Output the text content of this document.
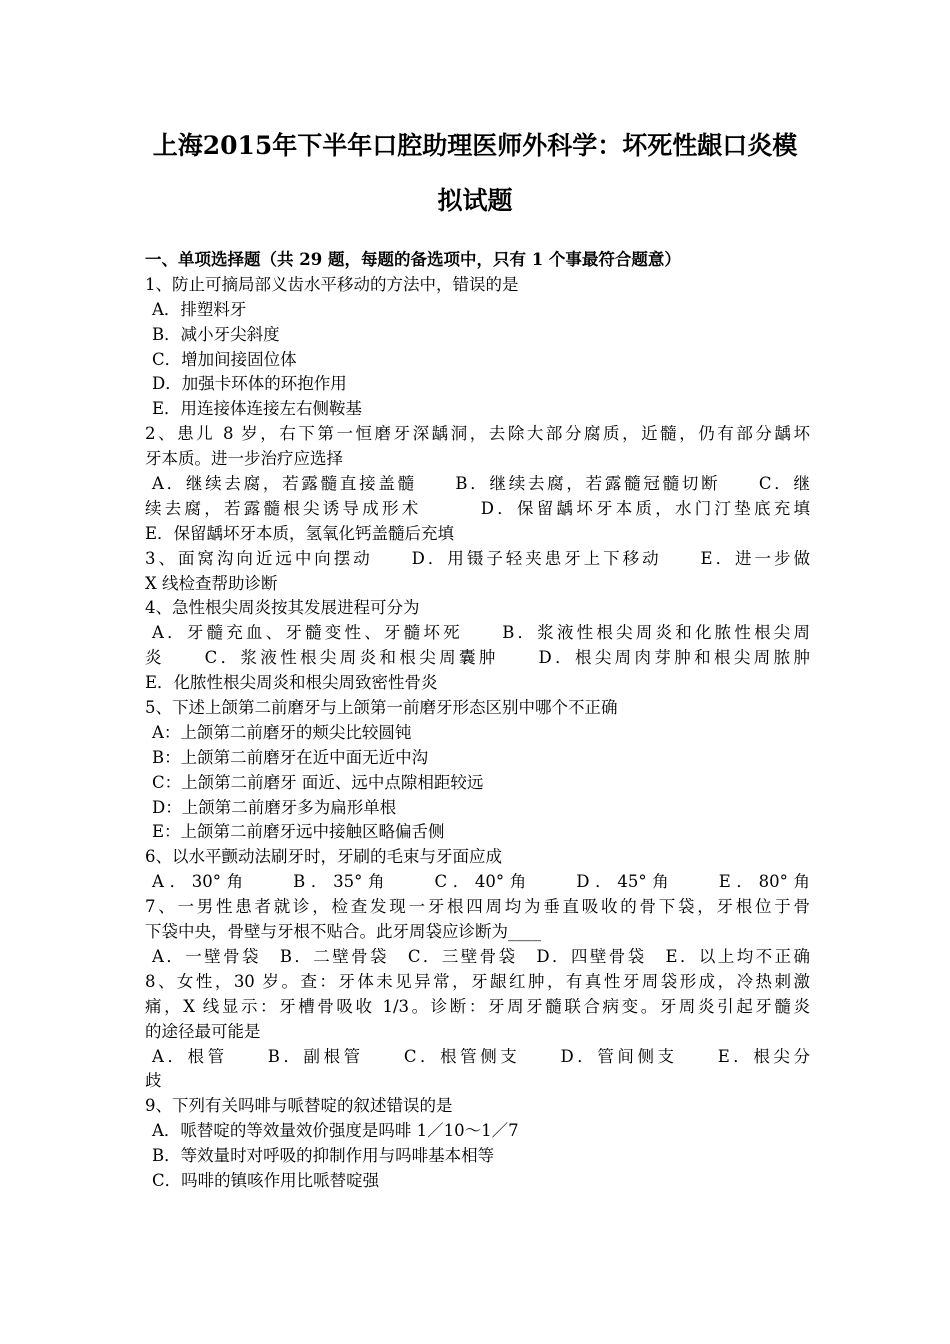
上海2015年下半年口腔助理医师外科学：坏死性龈口炎模
拟试题
一、单项选择题（共 29 题，每题的备选项中，只有 1 个事最符合题意）
1、防止可摘局部义齿水平移动的方法中，错误的是
A．排塑料牙
B．减小牙尖斜度
C．增加间接固位体
D．加强卡环体的环抱作用
E．用连接体连接左右侧鞍基
2、患儿 8 岁，右下第一恒磨牙深龋洞，去除大部分腐质，近髓，仍有部分龋坏
牙本质。进一步治疗应选择
A．继续去腐，若露髓直接盖髓　　B．继续去腐，若露髓冠髓切断　　C．继
续去腐，若露髓根尖诱导成形术　　　D．保留龋坏牙本质，水门汀垫底充填
E．保留龋坏牙本质，氢氧化钙盖髓后充填
3、面窝沟向近远中向摆动　　D．用镊子轻夹患牙上下移动　　E．进一步做
X 线检查帮助诊断
4、急性根尖周炎按其发展进程可分为
A．牙髓充血、牙髓变性、牙髓坏死　　B．浆液性根尖周炎和化脓性根尖周
炎　　C．浆液性根尖周炎和根尖周囊肿　　D．根尖周肉芽肿和根尖周脓肿
E．化脓性根尖周炎和根尖周致密性骨炎
5、下述上颌第二前磨牙与上颌第一前磨牙形态区别中哪个不正确
A：上颌第二前磨牙的颊尖比较圆钝
B：上颌第二前磨牙在近中面无近中沟
C：上颌第二前磨牙 面近、远中点隙相距较远
D：上颌第二前磨牙多为扁形单根
E：上颌第二前磨牙远中接触区略偏舌侧
6、以水平颤动法刷牙时，牙刷的毛束与牙面应成
A．30°角　　B．35°角　　C．40°角　　D．45°角　　E．80°角
7、一男性患者就诊，检查发现一牙根四周均为垂直吸收的骨下袋，牙根位于骨
下袋中央，骨壁与牙根不贴合。此牙周袋应诊断为____
A．一壁骨袋　B．二壁骨袋　C．三壁骨袋　D．四壁骨袋　E．以上均不正确
8、女性，30 岁。查：牙体未见异常，牙龈红肿，有真性牙周袋形成，冷热刺激
痛，X 线显示：牙槽骨吸收 1/3。诊断：牙周牙髓联合病变。牙周炎引起牙髓炎
的途径最可能是
A．根管　　B．副根管　　C．根管侧支　　D．管间侧支　　E．根尖分
歧
9、下列有关吗啡与哌替啶的叙述错误的是
A．哌替啶的等效量效价强度是吗啡 1／10～1／7
B．等效量时对呼吸的抑制作用与吗啡基本相等
C．吗啡的镇咳作用比哌替啶强
